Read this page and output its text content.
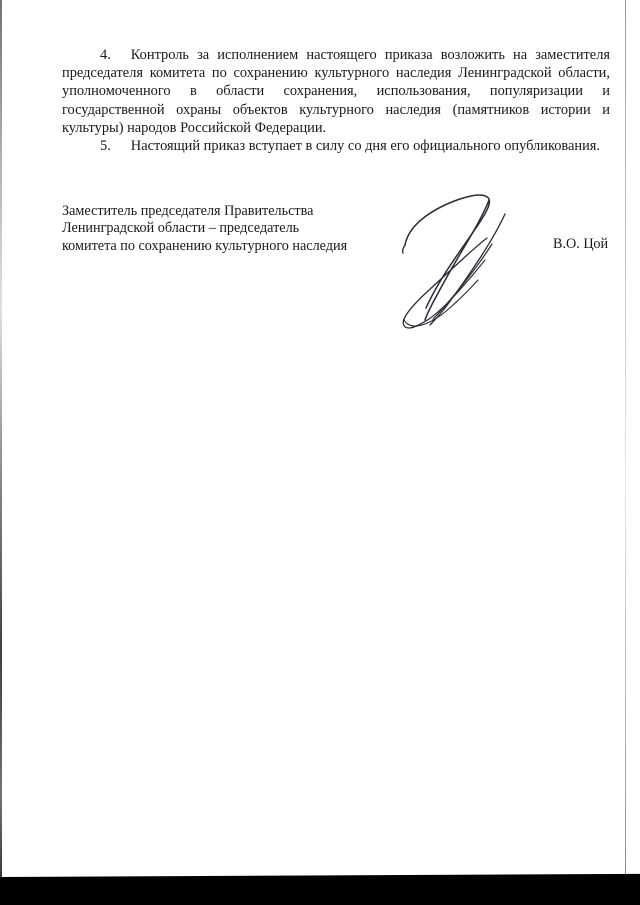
4. Контроль за исполнением настоящего приказа возложить на заместителя председателя комитета по сохранению культурного наследия Ленинградской области, уполномоченного в области сохранения, использования, популяризации и государственной охраны объектов культурного наследия (памятников истории и культуры) народов Российской Федерации.

5. Настоящий приказ вступает в силу со дня его официального опубликования.

Заместитель председателя Правительства
Ленинградской области – председатель
комитета по сохранению культурного наследия	В.О. Цой
